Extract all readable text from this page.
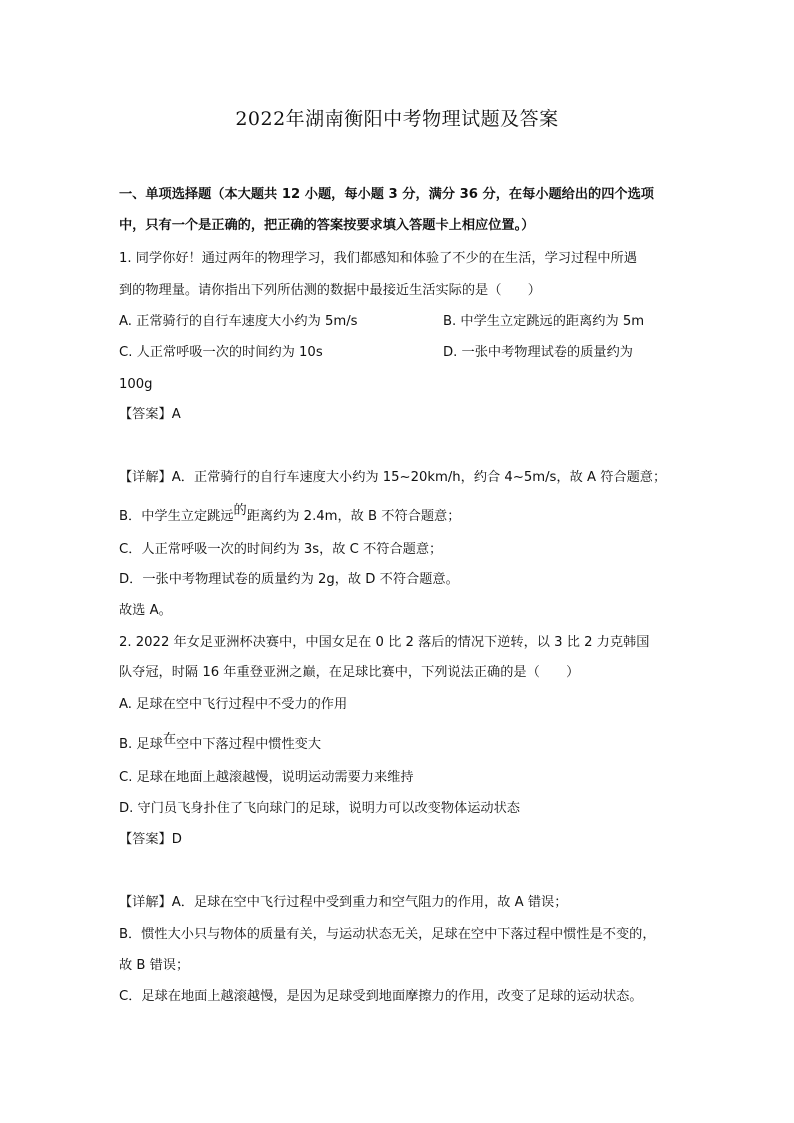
2022年湖南衡阳中考物理试题及答案
一、单项选择题（本大题共 12 小题，每小题 3 分，满分 36 分，在每小题给出的四个选项
中，只有一个是正确的，把正确的答案按要求填入答题卡上相应位置。）
1. 同学你好！通过两年的物理学习，我们都感知和体验了不少的在生活，学习过程中所遇
到的物理量。请你指出下列所估测的数据中最接近生活实际的是（　　）
A. 正常骑行的自行车速度大小约为 5m/s	B. 中学生立定跳远的距离约为 5m
C. 人正常呼吸一次的时间约为 10s	D. 一张中考物理试卷的质量约为
100g
【答案】A
【详解】A．正常骑行的自行车速度大小约为 15~20km/h，约合 4~5m/s，故 A 符合题意；
B．中学生立定跳远的距离约为 2.4m，故 B 不符合题意；
C．人正常呼吸一次的时间约为 3s，故 C 不符合题意；
D．一张中考物理试卷的质量约为 2g，故 D 不符合题意。
故选 A。
2. 2022 年女足亚洲杯决赛中，中国女足在 0 比 2 落后的情况下逆转，以 3 比 2 力克韩国
队夺冠，时隔 16 年重登亚洲之巅，在足球比赛中，下列说法正确的是（　　）
A. 足球在空中飞行过程中不受力的作用
B. 足球在空中下落过程中惯性变大
C. 足球在地面上越滚越慢，说明运动需要力来维持
D. 守门员飞身扑住了飞向球门的足球，说明力可以改变物体运动状态
【答案】D
【详解】A．足球在空中飞行过程中受到重力和空气阻力的作用，故 A 错误；
B．惯性大小只与物体的质量有关，与运动状态无关，足球在空中下落过程中惯性是不变的，
故 B 错误；
C．足球在地面上越滚越慢，是因为足球受到地面摩擦力的作用，改变了足球的运动状态。
